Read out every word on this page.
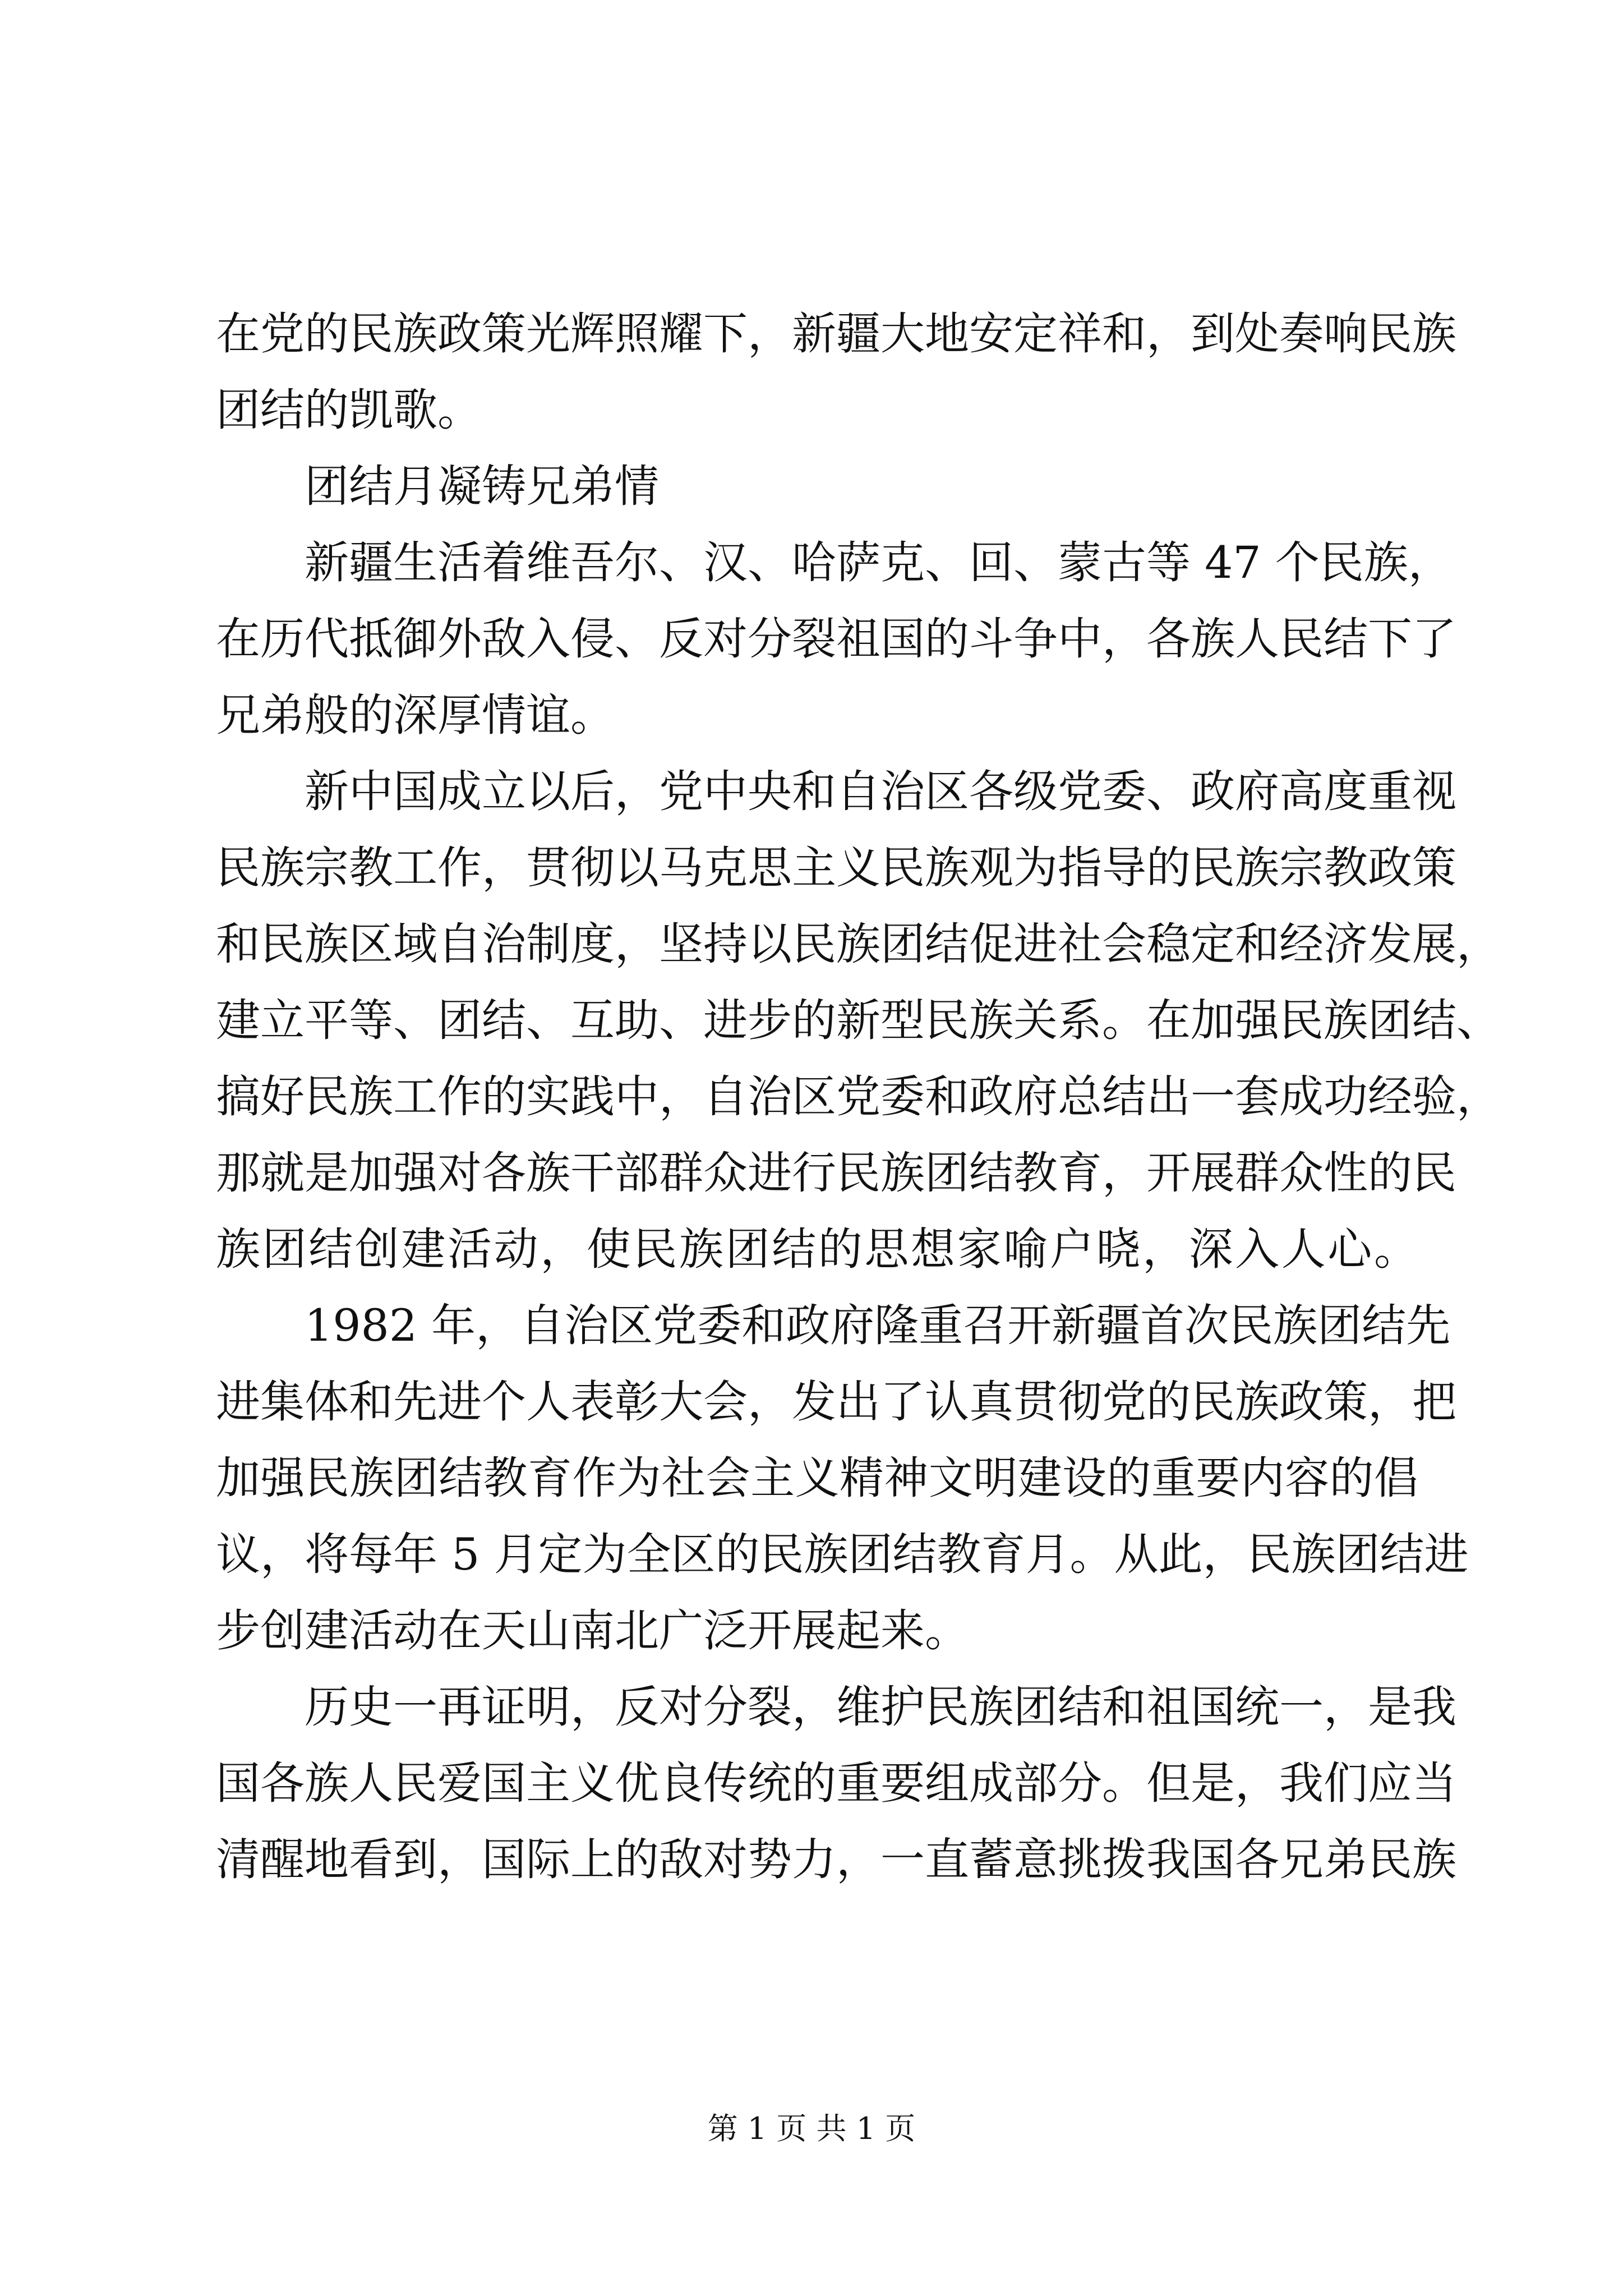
在党的民族政策光辉照耀下，新疆大地安定祥和，到处奏响民族
团结的凯歌。
团结月凝铸兄弟情
新疆生活着维吾尔、汉、哈萨克、回、蒙古等 47 个民族，
在历代抵御外敌入侵、反对分裂祖国的斗争中，各族人民结下了
兄弟般的深厚情谊。
新中国成立以后，党中央和自治区各级党委、政府高度重视
民族宗教工作，贯彻以马克思主义民族观为指导的民族宗教政策
和民族区域自治制度，坚持以民族团结促进社会稳定和经济发展，
建立平等、团结、互助、进步的新型民族关系。在加强民族团结、
搞好民族工作的实践中，自治区党委和政府总结出一套成功经验，
那就是加强对各族干部群众进行民族团结教育，开展群众性的民
族团结创建活动，使民族团结的思想家喻户晓，深入人心。
1982 年，自治区党委和政府隆重召开新疆首次民族团结先
进集体和先进个人表彰大会，发出了认真贯彻党的民族政策，把
加强民族团结教育作为社会主义精神文明建设的重要内容的倡
议，将每年 5 月定为全区的民族团结教育月。从此，民族团结进
步创建活动在天山南北广泛开展起来。
历史一再证明，反对分裂，维护民族团结和祖国统一，是我
国各族人民爱国主义优良传统的重要组成部分。但是，我们应当
清醒地看到，国际上的敌对势力，一直蓄意挑拨我国各兄弟民族
第 1 页 共 1 页
